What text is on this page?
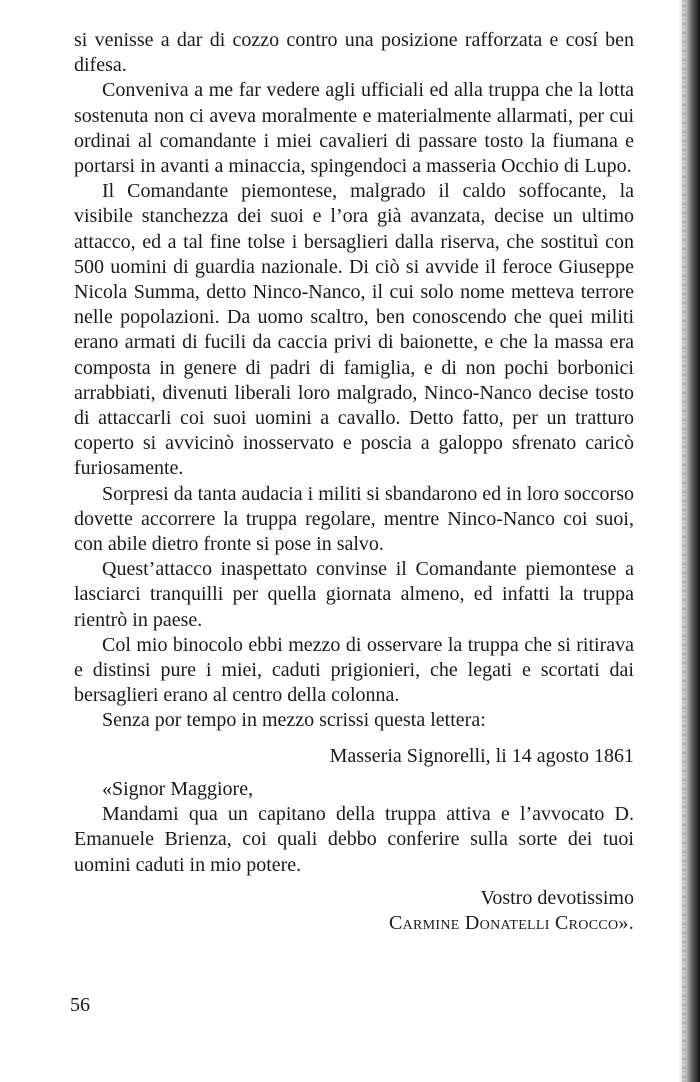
si venisse a dar di cozzo contro una posizione rafforzata e cosí ben difesa.

Conveniva a me far vedere agli ufficiali ed alla truppa che la lotta sostenuta non ci aveva moralmente e materialmente allarmati, per cui ordinai al comandante i miei cavalieri di passare tosto la fiumana e portarsi in avanti a minaccia, spingendoci a masseria Occhio di Lupo.

Il Comandante piemontese, malgrado il caldo soffocante, la visibile stanchezza dei suoi e l’ora già avanzata, decise un ultimo attacco, ed a tal fine tolse i bersaglieri dalla riserva, che sostituì con 500 uomini di guardia nazionale. Di ciò si avvide il feroce Giuseppe Nicola Summa, detto Ninco-Nanco, il cui solo nome metteva terrore nelle popolazioni. Da uomo scaltro, ben conoscendo che quei militi erano armati di fucili da caccia privi di baionette, e che la massa era composta in genere di padri di famiglia, e di non pochi borbonici arrabbiati, divenuti liberali loro malgrado, Ninco-Nanco decise tosto di attaccarli coi suoi uomini a cavallo. Detto fatto, per un tratturo coperto si avvicinò inosservato e poscia a galoppo sfrenato caricò furiosamente.

Sorpresi da tanta audacia i militi si sbandarono ed in loro soccorso dovette accorrere la truppa regolare, mentre Ninco-Nanco coi suoi, con abile dietro fronte si pose in salvo.

Quest’attacco inaspettato convinse il Comandante piemontese a lasciarci tranquilli per quella giornata almeno, ed infatti la truppa rientrò in paese.

Col mio binocolo ebbi mezzo di osservare la truppa che si ritirava e distinsi pure i miei, caduti prigionieri, che legati e scortati dai bersaglieri erano al centro della colonna.

Senza por tempo in mezzo scrissi questa lettera:

Masseria Signorelli, li 14 agosto 1861

«Signor Maggiore,

Mandami qua un capitano della truppa attiva e l’avvocato D. Emanuele Brienza, coi quali debbo conferire sulla sorte dei tuoi uomini caduti in mio potere.

Vostro devotissimo

Carmine Donatelli Crocco».

56
